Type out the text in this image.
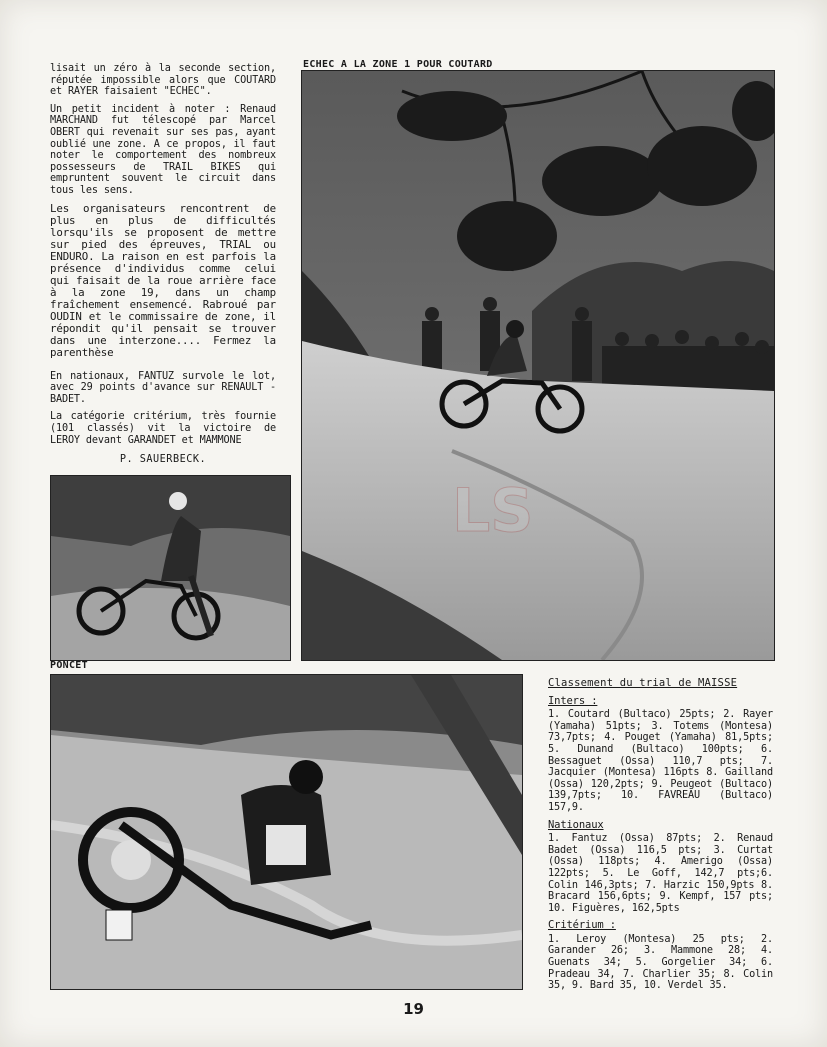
lisait un zéro à la seconde section, réputée impossible alors que COUTARD et RAYER faisaient "ECHEC".

Un petit incident à noter : Renaud MARCHAND fut télescopé par Marcel OBERT qui revenait sur ses pas, ayant oublié une zone. A ce propos, il faut noter le comportement des nombreux possesseurs de TRAIL BIKES qui empruntent souvent le circuit dans tous les sens.

Les organisateurs rencontrent de plus en plus de difficultés lorsqu'ils se proposent de mettre sur pied des épreuves, TRIAL ou ENDURO. La raison en est parfois la présence d'individus comme celui qui faisait de la roue arrière face à la zone 19, dans un champ fraîchement ensemencé. Rabroué par OUDIN et le commissaire de zone, il répondit qu'il pensait se trouver dans une interzone.... Fermez la parenthèse

En nationaux, FANTUZ survole le lot, avec 29 points d'avance sur RENAULT - BADET.

La catégorie critérium, très fournie (101 classés) vit la victoire de LEROY devant GARANDET et MAMMONE

P. SAUERBECK.
ECHEC A LA ZONE 1 POUR COUTARD
LS
PONCET
Classement du trial de MAISSE
Inters :

1. Coutard (Bultaco) 25pts; 2. Rayer (Yamaha) 51pts; 3. Totems (Montesa) 73,7pts; 4. Pouget (Yamaha) 81,5pts; 5. Dunand (Bultaco) 100pts; 6. Bessaguet (Ossa) 110,7 pts; 7. Jacquier (Montesa) 116pts 8. Gailland (Ossa) 120,2pts; 9. Peugeot (Bultaco) 139,7pts; 10. FAVREAU (Bultaco) 157,9.

Nationaux

1. Fantuz (Ossa) 87pts; 2. Renaud Badet (Ossa) 116,5 pts; 3. Curtat (Ossa) 118pts; 4. Amerigo (Ossa) 122pts; 5. Le Goff, 142,7 pts;6. Colin 146,3pts; 7. Harzic 150,9pts 8. Bracard 156,6pts; 9. Kempf, 157 pts; 10. Figuères, 162,5pts

Critérium :

1. Leroy (Montesa) 25 pts; 2. Garander 26; 3. Mammone 28; 4. Guenats 34; 5. Gorgelier 34; 6. Pradeau 34, 7. Charlier 35; 8. Colin 35, 9. Bard 35, 10. Verdel 35.

19
